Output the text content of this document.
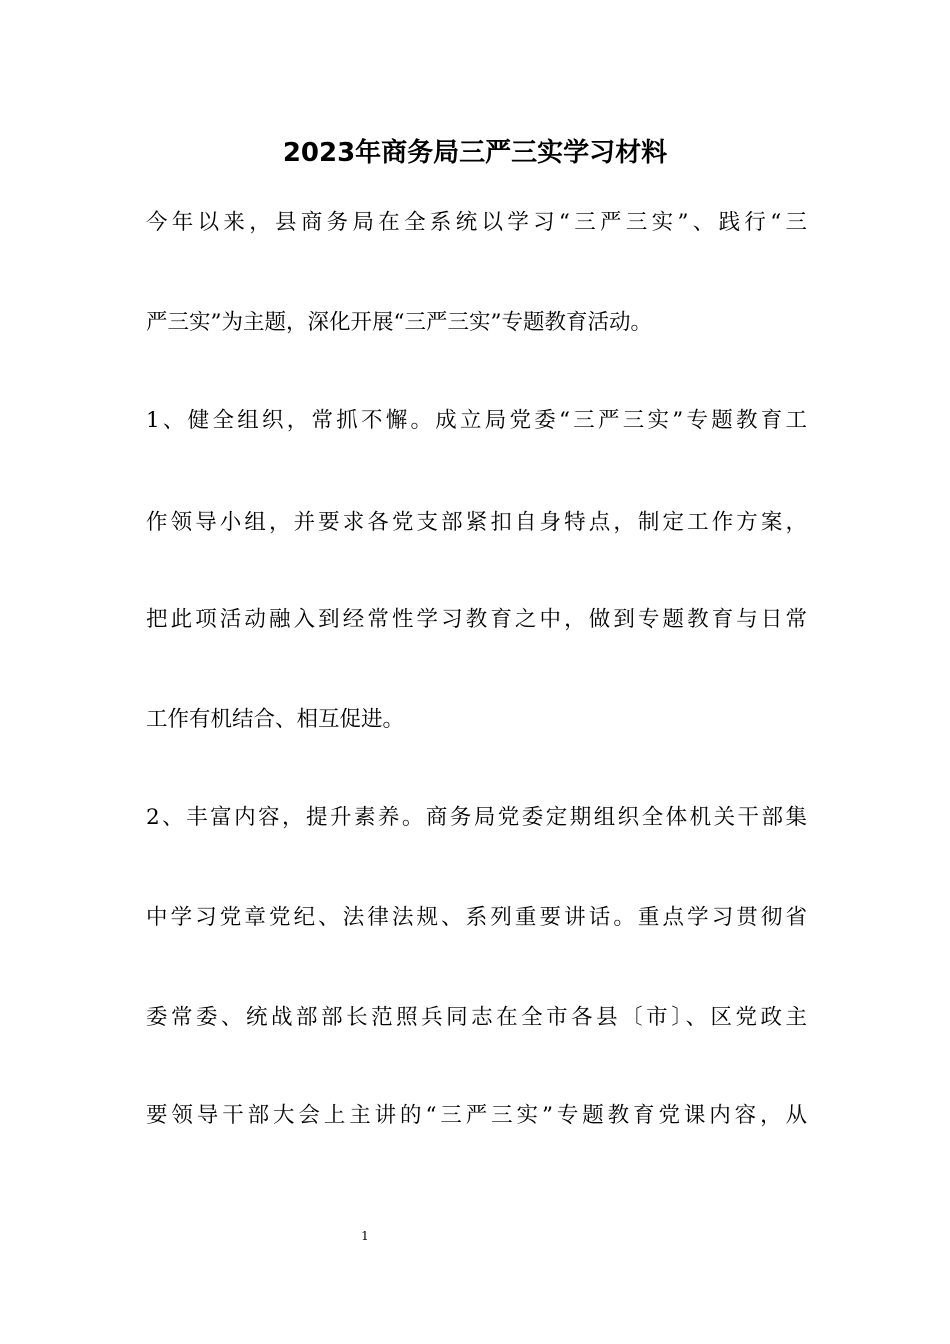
2023年商务局三严三实学习材料
今年以来，县商务局在全系统以学习“三严三实”、践行“三
严三实”为主题，深化开展“三严三实”专题教育活动。
1、健全组织，常抓不懈。成立局党委“三严三实”专题教育工
作领导小组，并要求各党支部紧扣自身特点，制定工作方案，
把此项活动融入到经常性学习教育之中，做到专题教育与日常
工作有机结合、相互促进。
2、丰富内容，提升素养。商务局党委定期组织全体机关干部集
中学习党章党纪、法律法规、系列重要讲话。重点学习贯彻省
委常委、统战部部长范照兵同志在全市各县〔市〕、区党政主
要领导干部大会上主讲的“三严三实”专题教育党课内容，从
1
